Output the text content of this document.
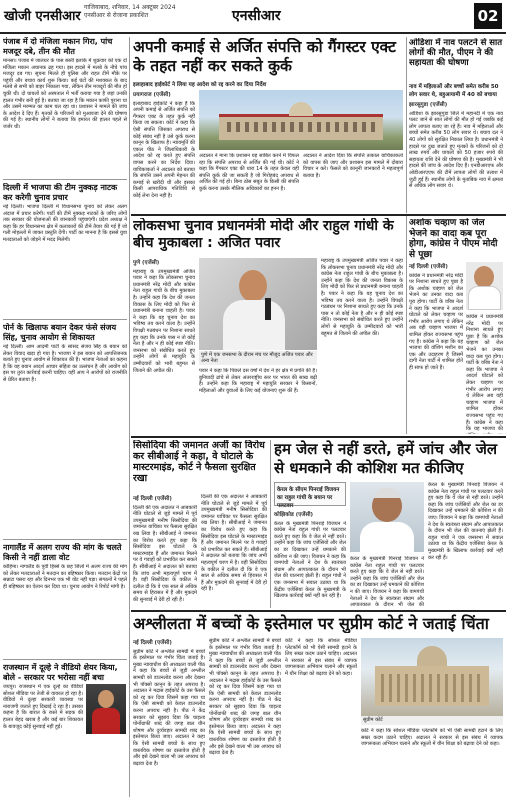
खोजी एनसीआर
गाजियाबाद, शनिवार, 14 अक्टूबर 2024
एनसीआर से रोजाना प्रकाशित	एनसीआर	02
पंजाब में दो मंजिला मकान गिरा, पांच मजदूर दबे, तीन की मौत
मानसा। पंजाब में जालंधर के पास बस्ती इलाके में शुक्रवार को एक दो मंजिला मकान अचानक ढह गया। इस हादसे में मलबे के नीचे पांच मजदूर दब गए। सूचना मिलते ही पुलिस और राहत टीमें मौके पर पहुंची और बचाव कार्य शुरू किया। कई घंटों की मशक्कत के बाद मलबे से सभी को बाहर निकाला गया, लेकिन तीन मजदूरों की मौत हो चुकी थी। दो घायलों को अस्पताल में भर्ती कराया गया है जहां उनकी हालत गंभीर बनी हुई है। बताया जा रहा है कि मकान काफी पुराना था और उसमें मरम्मत का काम चल रहा था। प्रशासन ने मामले की जांच के आदेश दे दिए हैं। मृतकों के परिजनों को मुआवजा देने की घोषणा की गई है। स्थानीय लोगों ने बताया कि इमारत की हालत पहले से जर्जर थी।
दिल्ली में भाजपा की टीम नुक्कड़ नाटक कर करेगी चुनाव प्रचार
नई दिल्ली। भाजपा दिल्ली में विधानसभा चुनाव को लेकर अलग अंदाज में प्रचार करेगी। पार्टी की टीमें नुक्कड़ नाटकों के जरिए लोगों तक सरकार की योजनाओं की जानकारी पहुंचाएंगी। प्रदेश अध्यक्ष ने कहा कि हर विधानसभा क्षेत्र में कलाकारों की टीमें तैयार की गई हैं जो गली मोहल्लों में जाकर प्रस्तुति देंगी। पार्टी का मानना है कि इससे युवा मतदाताओं को जोड़ने में मदद मिलेगी।
पोर्न के खिलाफ बयान देकर फंसे संजय सिंह, चुनाव आयोग से शिकायत
नई दिल्ली। आम आदमी पार्टी के सांसद संजय सिंह के बयान को लेकर विवाद खड़ा हो गया है। भाजपा ने इस बयान को आपत्तिजनक बताते हुए चुनाव आयोग से शिकायत की है। भाजपा नेताओं का कहना है कि यह बयान आदर्श आचार संहिता का उल्लंघन है और आयोग को इस पर तुरंत कार्रवाई करनी चाहिए। वहीं आप ने आरोपों को राजनीति से प्रेरित बताया है।
नागालैंड में अलग राज्य की मांग के चलते किसी ने नहीं डाला वोट
कोहिमा। नागालैंड के पूर्वी हिस्से के छह जिलों में अलग राज्य की मांग को लेकर मतदाताओं ने मतदान का बहिष्कार किया। मतदान केंद्रों पर सन्नाटा पसरा रहा और दिनभर एक भी वोट नहीं पड़ा। संगठनों ने पहले ही बहिष्कार का ऐलान कर दिया था। चुनाव आयोग ने रिपोर्ट मांगी है।
राजस्थान में दूल्हे ने वीडियो शेयर किया, बोले - सरकार पर भरोसा नहीं बचा
जयपुर। राजस्थान में एक दूल्हे का वीडियो सोशल मीडिया पर तेजी से वायरल हो रहा है। वीडियो में दूल्हा सरकारी व्यवस्था पर नाराजगी जताते हुए दिखाई दे रहा है। उसका कहना है कि बारात के रास्ते में सड़क की हालत बेहद खराब है और कई बार शिकायत के बावजूद कोई सुनवाई नहीं हुई।
अपनी कमाई से अर्जित संपत्ति को गैंगस्टर एक्ट के तहत नहीं कर सकते कुर्क
इलाहाबाद हाईकोर्ट ने लिया यह आदेश को रद्द करने का दिया निर्देश
प्रयागराज (एजेंसी)
इलाहाबाद हाईकोर्ट ने कहा है कि अपनी कमाई से अर्जित संपत्ति को गैंगस्टर एक्ट के तहत कुर्क नहीं किया जा सकता। कोर्ट ने कहा कि ऐसी संपत्ति जिसका अपराध से कोई संबंध नहीं है उसे कुर्क करना कानून के खिलाफ है। न्यायमूर्ति की एकल पीठ ने जिलाधिकारी के आदेश को रद्द करते हुए संपत्ति वापस करने का निर्देश दिया। याचिकाकर्ता ने अदालत को बताया कि संपत्ति उसने अपनी मेहनत की कमाई से खरीदी थी और इसका किसी आपराधिक गतिविधि से कोई लेना देना नहीं है।
अदालत ने माना कि प्रशासन यह साबित करने में विफल रहा कि संपत्ति अपराध से अर्जित की गई थी। कोर्ट ने कहा कि गैंगस्टर एक्ट की धारा 14 के तहत केवल वही संपत्ति कुर्क की जा सकती है जो गिरोहबंद अपराध से अर्जित की गई हो। बिना ठोस सबूत के किसी की संपत्ति कुर्क करना उसके मौलिक अधिकारों का हनन है।
अदालत ने आदेश दिया कि संपत्ति तत्काल याचिकाकर्ता को वापस की जाए और प्रशासन इस मामले में दोबारा विचार न करे। फैसले को कानूनी जानकारों ने महत्वपूर्ण बताया है।
ओडिशा में नाव पलटने से सात लोगों की मौत, पीएम ने की सहायता की घोषणा
नाव में महिलाओं और बच्चों समेत करीब 50 लोग सवार थे, बहुआयामी में 40 को बचाया
झारसुगुडा (एजेंसी)
ओडिशा के झारसुगुडा जिले में महानदी में एक नाव पलट जाने से सात लोगों की मौत हो गई जबकि कई लोग लापता बताए जा रहे हैं। नाव में महिलाओं और बच्चों समेत करीब 50 लोग सवार थे। बचाव दल ने 40 लोगों को सुरक्षित निकाल लिया है। प्रधानमंत्री ने हादसे पर दुख जताते हुए मृतकों के परिजनों को दो लाख रुपये और घायलों को 50 हजार रुपये की सहायता राशि देने की घोषणा की है। मुख्यमंत्री ने भी हादसे की जांच के आदेश दिए हैं। एनडीआरएफ और ओडीआरएएफ की टीमें लापता लोगों की तलाश में जुटी हुई हैं। स्थानीय लोगों के मुताबिक नाव में क्षमता से अधिक लोग सवार थे।
लोकसभा चुनाव प्रधानमंत्री मोदी और राहुल गांधी के बीच मुकाबला : अजित पवार
पुणे (एजेंसी)
महाराष्ट्र के उपमुख्यमंत्री अजित पवार ने कहा कि लोकसभा चुनाव प्रधानमंत्री नरेंद्र मोदी और कांग्रेस नेता राहुल गांधी के बीच मुकाबला है। उन्होंने कहा कि देश की जनता विकास के लिए मोदी को फिर से प्रधानमंत्री बनाना चाहती है। पवार ने कहा कि यह चुनाव देश का भविष्य तय करने वाला है। उन्होंने विपक्षी गठबंधन पर निशाना साधते हुए कहा कि उनके पास न तो कोई नेता है और न ही कोई स्पष्ट नीति। जनसभा को संबोधित करते हुए उन्होंने लोगों से महायुति के उम्मीदवारों को भारी बहुमत से जिताने की अपील की।
पुणे में एक जनसभा के दौरान मंच पर मौजूद अजित पवार और अन्य नेता
पवार ने कहा कि पिछले दस वर्षों में देश ने हर क्षेत्र में प्रगति की है। बुनियादी ढांचे से लेकर अंतरराष्ट्रीय स्तर पर भारत की साख बढ़ी है। उन्होंने कहा कि महाराष्ट्र में महायुति सरकार ने किसानों, महिलाओं और युवाओं के लिए कई योजनाएं शुरू की हैं।
महाराष्ट्र के उपमुख्यमंत्री अजित पवार ने कहा कि लोकसभा चुनाव प्रधानमंत्री नरेंद्र मोदी और कांग्रेस नेता राहुल गांधी के बीच मुकाबला है। उन्होंने कहा कि देश की जनता विकास के लिए मोदी को फिर से प्रधानमंत्री बनाना चाहती है। पवार ने कहा कि यह चुनाव देश का भविष्य तय करने वाला है। उन्होंने विपक्षी गठबंधन पर निशाना साधते हुए कहा कि उनके पास न तो कोई नेता है और न ही कोई स्पष्ट नीति। जनसभा को संबोधित करते हुए उन्होंने लोगों से महायुति के उम्मीदवारों को भारी बहुमत से जिताने की अपील की।
अशोक चव्हाण को जेल भेजने का वादा कब पूरा होगा, कांग्रेस ने पीएम मोदी से पूछा
नई दिल्ली (एजेंसी)
कांग्रेस ने प्रधानमंत्री नरेंद्र मोदी पर निशाना साधते हुए पूछा है कि अशोक चव्हाण को जेल भेजने का उनका वादा कब पूरा होगा। पार्टी के वरिष्ठ नेता ने कहा कि भाजपा ने आदर्श घोटाले को लेकर चव्हाण पर गंभीर आरोप लगाए थे लेकिन अब वही चव्हाण भाजपा में शामिल होकर राज्यसभा पहुंच गए हैं। कांग्रेस ने कहा कि यह भाजपा की वॉशिंग मशीन का एक और उदाहरण है जिसमें दागी नेता पार्टी में शामिल होते ही साफ हो जाते हैं।
कांग्रेस ने प्रधानमंत्री नरेंद्र मोदी पर निशाना साधते हुए पूछा है कि अशोक चव्हाण को जेल भेजने का उनका वादा कब पूरा होगा। पार्टी के वरिष्ठ नेता ने कहा कि भाजपा ने आदर्श घोटाले को लेकर चव्हाण पर गंभीर आरोप लगाए थे लेकिन अब वही चव्हाण भाजपा में शामिल होकर राज्यसभा पहुंच गए हैं। कांग्रेस ने कहा कि यह भाजपा की
सिसोदिया की जमानत अर्जी का विरोध कर सीबीआई ने कहा, वे घोटाले के मास्टरमाइंड, कोर्ट ने फैसला सुरक्षित रखा
नई दिल्ली (एजेंसी)
दिल्ली की एक अदालत ने आबकारी नीति घोटाले से जुड़े मामले में पूर्व उपमुख्यमंत्री मनीष सिसोदिया की जमानत याचिका पर फैसला सुरक्षित रख लिया है। सीबीआई ने जमानत का विरोध करते हुए कहा कि सिसोदिया इस घोटाले के मास्टरमाइंड हैं और जमानत मिलने पर वे गवाहों को प्रभावित कर सकते हैं। सीबीआई ने अदालत को बताया कि जांच अभी महत्वपूर्ण चरण में है। वहीं सिसोदिया के वकील ने दलील दी कि वे एक साल से अधिक समय से हिरासत में हैं और मुकदमे की सुनवाई में देरी हो रही है।
दिल्ली की एक अदालत ने आबकारी नीति घोटाले से जुड़े मामले में पूर्व उपमुख्यमंत्री मनीष सिसोदिया की जमानत याचिका पर फैसला सुरक्षित रख लिया है। सीबीआई ने जमानत का विरोध करते हुए कहा कि सिसोदिया इस घोटाले के मास्टरमाइंड हैं और जमानत मिलने पर वे गवाहों को प्रभावित कर सकते हैं। सीबीआई ने अदालत को बताया कि जांच अभी महत्वपूर्ण चरण में है। वहीं सिसोदिया के वकील ने दलील दी कि वे एक साल से अधिक समय से हिरासत में हैं और मुकदमे की सुनवाई में देरी हो रही है।
हम जेल से नहीं डरते, हमें जांच और जेल से धमकाने की कोशिश मत कीजिए
केरल के सीएम पिनराई विजयन का राहुल गांधी के बयान पर पलटवार
कोझिकोड (एजेंसी)
केरल के मुख्यमंत्री पिनराई विजयन ने कांग्रेस नेता राहुल गांधी पर पलटवार करते हुए कहा कि वे जेल से नहीं डरते। उन्होंने कहा कि जांच एजेंसियों और जेल का डर दिखाकर उन्हें धमकाने की कोशिश न की जाए। विजयन ने कहा कि वामपंथी नेताओं ने देश के स्वतंत्रता संग्राम और आपातकाल के दौरान भी जेल की यातनाएं झेली हैं। राहुल गांधी ने एक जनसभा में सवाल उठाया था कि केंद्रीय एजेंसियां केरल के मुख्यमंत्री के खिलाफ कार्रवाई क्यों नहीं कर रही हैं।
केरल के मुख्यमंत्री पिनराई विजयन ने कांग्रेस नेता राहुल गांधी पर पलटवार करते हुए कहा कि वे जेल से नहीं डरते। उन्होंने कहा कि जांच एजेंसियों और जेल का डर दिखाकर उन्हें धमकाने की कोशिश न की जाए। विजयन ने कहा कि वामपंथी नेताओं ने देश के स्वतंत्रता संग्राम और आपातकाल के दौरान भी जेल की
केरल के मुख्यमंत्री पिनराई विजयन ने कांग्रेस नेता राहुल गांधी पर पलटवार करते हुए कहा कि वे जेल से नहीं डरते। उन्होंने कहा कि जांच एजेंसियों और जेल का डर दिखाकर उन्हें धमकाने की कोशिश न की जाए। विजयन ने कहा कि वामपंथी नेताओं ने देश के स्वतंत्रता संग्राम और आपातकाल के दौरान भी जेल की यातनाएं झेली हैं। राहुल गांधी ने एक जनसभा में सवाल उठाया था कि केंद्रीय एजेंसियां केरल के मुख्यमंत्री के खिलाफ कार्रवाई क्यों नहीं कर रही हैं।
अश्लीलता में बच्चों के इस्तेमाल पर सुप्रीम कोर्ट ने जताई चिंता
नई दिल्ली (एजेंसी)
सुप्रीम कोर्ट ने अश्लील सामग्री में बच्चों के इस्तेमाल पर गंभीर चिंता जताई है। मुख्य न्यायाधीश की अध्यक्षता वाली पीठ ने कहा कि बच्चों से जुड़ी अश्लील सामग्री को डाउनलोड करना और देखना भी पॉक्सो कानून के तहत अपराध है। अदालत ने मद्रास हाईकोर्ट के उस फैसले को रद्द कर दिया जिसमें कहा गया था कि ऐसी सामग्री को केवल डाउनलोड करना अपराध नहीं है। पीठ ने केंद्र सरकार को सुझाव दिया कि चाइल्ड पोर्नोग्राफी शब्द की जगह बाल यौन शोषण और दुर्व्यवहार सामग्री शब्द का इस्तेमाल किया जाए। अदालत ने कहा कि ऐसी सामग्री बच्चों के साथ हुए वास्तविक शोषण का दस्तावेज होती है और इसे देखने वाला भी उस अपराध को बढ़ावा देता है।
सुप्रीम कोर्ट ने अश्लील सामग्री में बच्चों के इस्तेमाल पर गंभीर चिंता जताई है। मुख्य न्यायाधीश की अध्यक्षता वाली पीठ ने कहा कि बच्चों से जुड़ी अश्लील सामग्री को डाउनलोड करना और देखना भी पॉक्सो कानून के तहत अपराध है। अदालत ने मद्रास हाईकोर्ट के उस फैसले को रद्द कर दिया जिसमें कहा गया था कि ऐसी सामग्री को केवल डाउनलोड करना अपराध नहीं है। पीठ ने केंद्र सरकार को सुझाव दिया कि चाइल्ड पोर्नोग्राफी शब्द की जगह बाल यौन शोषण और दुर्व्यवहार सामग्री शब्द का इस्तेमाल किया जाए। अदालत ने कहा कि ऐसी सामग्री बच्चों के साथ हुए वास्तविक शोषण का दस्तावेज होती है और इसे देखने वाला भी उस अपराध को बढ़ावा देता है।
कोर्ट ने कहा कि सोशल मीडिया प्लेटफॉर्म को भी ऐसी सामग्री हटाने के लिए सख्त कदम उठाने चाहिए। अदालत ने सरकार से इस संबंध में व्यापक जागरूकता अभियान चलाने और स्कूलों में यौन शिक्षा को बढ़ावा देने को कहा।
सुप्रीम कोर्ट
कोर्ट ने कहा कि सोशल मीडिया प्लेटफॉर्म को भी ऐसी सामग्री हटाने के लिए सख्त कदम उठाने चाहिए। अदालत ने सरकार से इस संबंध में व्यापक जागरूकता अभियान चलाने और स्कूलों में यौन शिक्षा को बढ़ावा देने को कहा।
